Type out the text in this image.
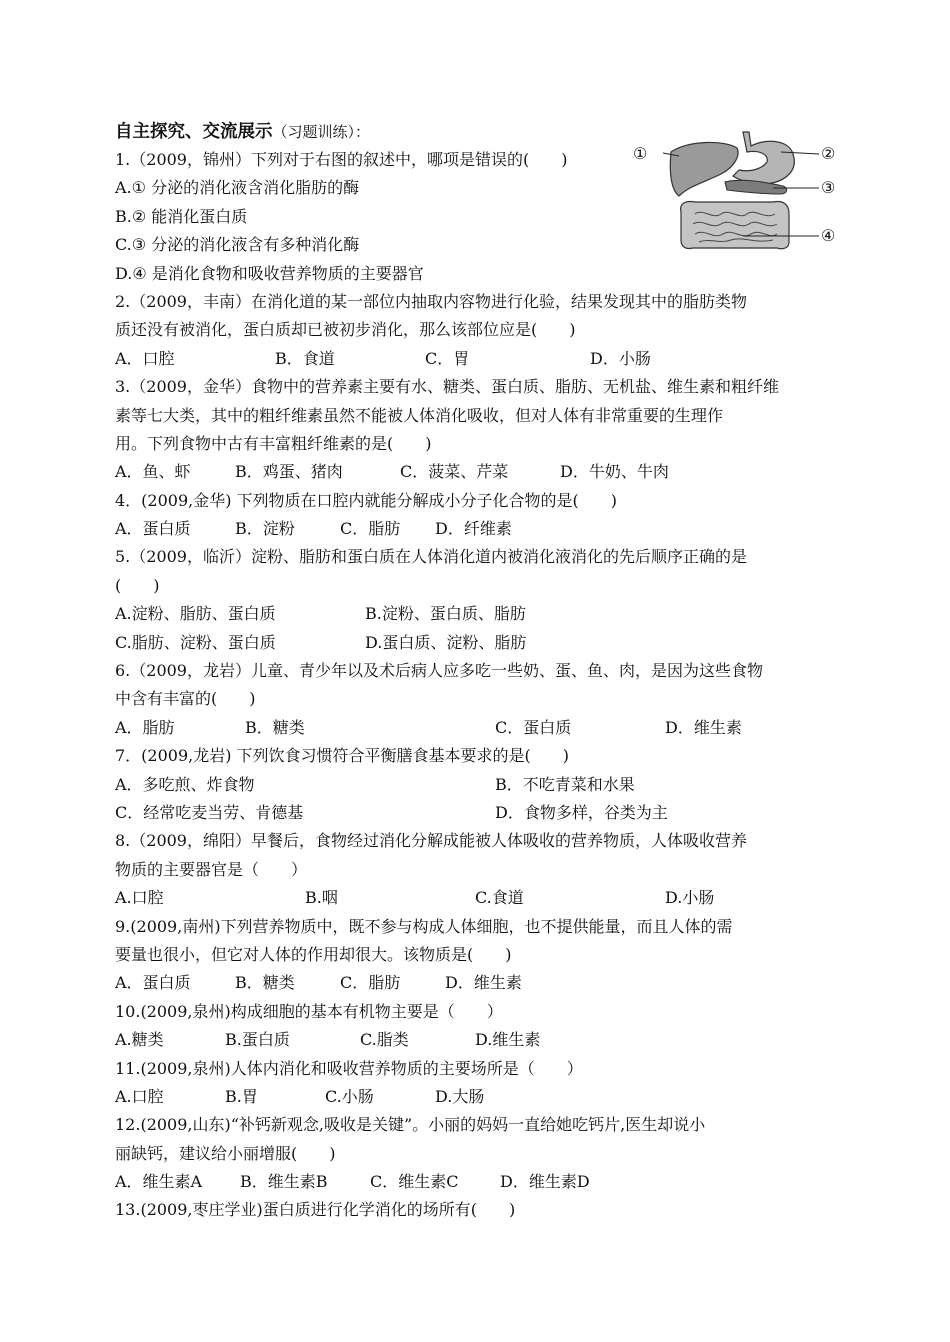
自主探究、交流展示（习题训练）：
1.（2009，锦州）下列对于右图的叙述中，哪项是错误的(　　)
A.① 分泌的消化液含消化脂肪的酶
B.② 能消化蛋白质
C.③ 分泌的消化液含有多种消化酶
D.④ 是消化食物和吸收营养物质的主要器官
2.（2009，丰南）在消化道的某一部位内抽取内容物进行化验，结果发现其中的脂肪类物
质还没有被消化，蛋白质却已被初步消化，那么该部位应是(　　)
A．口腔	B．食道	C．胃	D．小肠
3.（2009，金华）食物中的营养素主要有水、糖类、蛋白质、脂肪、无机盐、维生素和粗纤维
素等七大类，其中的粗纤维素虽然不能被人体消化吸收，但对人体有非常重要的生理作
用。下列食物中古有丰富粗纤维素的是(　　)
A．鱼、虾	B．鸡蛋、猪肉	C．菠菜、芹菜	D．牛奶、牛肉
4．(2009,金华) 下列物质在口腔内就能分解成小分子化合物的是(　　)
A．蛋白质	B．淀粉	C．脂肪 D．纤维素
5.（2009，临沂）淀粉、脂肪和蛋白质在人体消化道内被消化液消化的先后顺序正确的是
(　　)
A.淀粉、脂肪、蛋白质	B.淀粉、蛋白质、脂肪
C.脂肪、淀粉、蛋白质	D.蛋白质、淀粉、脂肪
6.（2009，龙岩）儿童、青少年以及术后病人应多吃一些奶、蛋、鱼、肉，是因为这些食物
中含有丰富的(　　)
A．脂肪	B．糖类	C．蛋白质	D．维生素
7．(2009,龙岩) 下列饮食习惯符合平衡膳食基本要求的是(　　)
A．多吃煎、炸食物	B．不吃青菜和水果
C．经常吃麦当劳、肯德基	D．食物多样，谷类为主
8.（2009，绵阳）早餐后，食物经过消化分解成能被人体吸收的营养物质，人体吸收营养
物质的主要器官是（　　）
A.口腔	B.咽	C.食道	D.小肠
9.(2009,南州)下列营养物质中，既不参与构成人体细胞，也不提供能量，而且人体的需
要量也很小，但它对人体的作用却很大。该物质是(　　)
A．蛋白质	B．糖类	C．脂肪	D．维生素
10.(2009,泉州)构成细胞的基本有机物主要是（　　）
A.糖类	B.蛋白质	C.脂类	D.维生素
11.(2009,泉州)人体内消化和吸收营养物质的主要场所是（　　）
A.口腔	B.胃	C.小肠	D.大肠
12.(2009,山东)“补钙新观念,吸收是关键”。小丽的妈妈一直给她吃钙片,医生却说小
丽缺钙，建议给小丽增服(　　)
A．维生素A B．维生素B	C．维生素C	D．维生素D
13.(2009,枣庄学业)蛋白质进行化学消化的场所有(　　)
①	②
③
④
